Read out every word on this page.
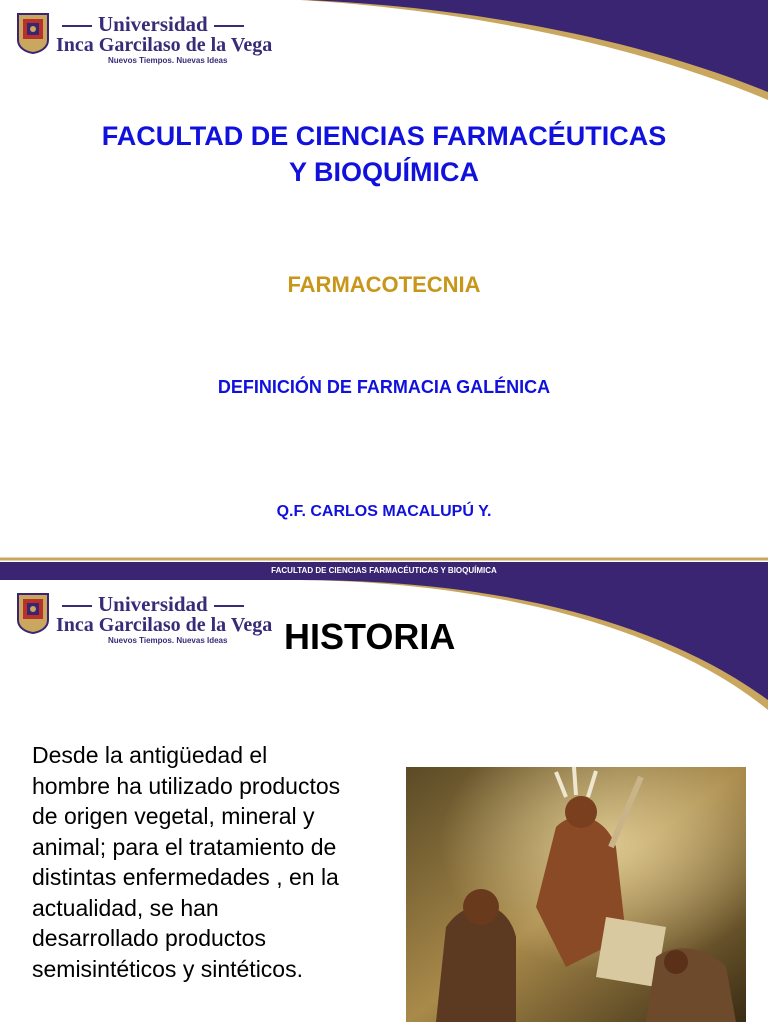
Universidad
Inca Garcilaso de la Vega
Nuevos Tiempos. Nuevas Ideas
FACULTAD DE CIENCIAS FARMACÉUTICAS
Y BIOQUÍMICA
FARMACOTECNIA
DEFINICIÓN DE FARMACIA GALÉNICA
Q.F. CARLOS MACALUPÚ Y.
FACULTAD DE CIENCIAS FARMACÉUTICAS Y BIOQUÍMICA
Universidad
Inca Garcilaso de la Vega
Nuevos Tiempos. Nuevas Ideas HISTORIA
Desde la antigüedad el
hombre ha utilizado productos
de origen vegetal, mineral y
animal; para el tratamiento de
distintas enfermedades , en la
actualidad, se han
desarrollado productos
semisintéticos y sintéticos.
